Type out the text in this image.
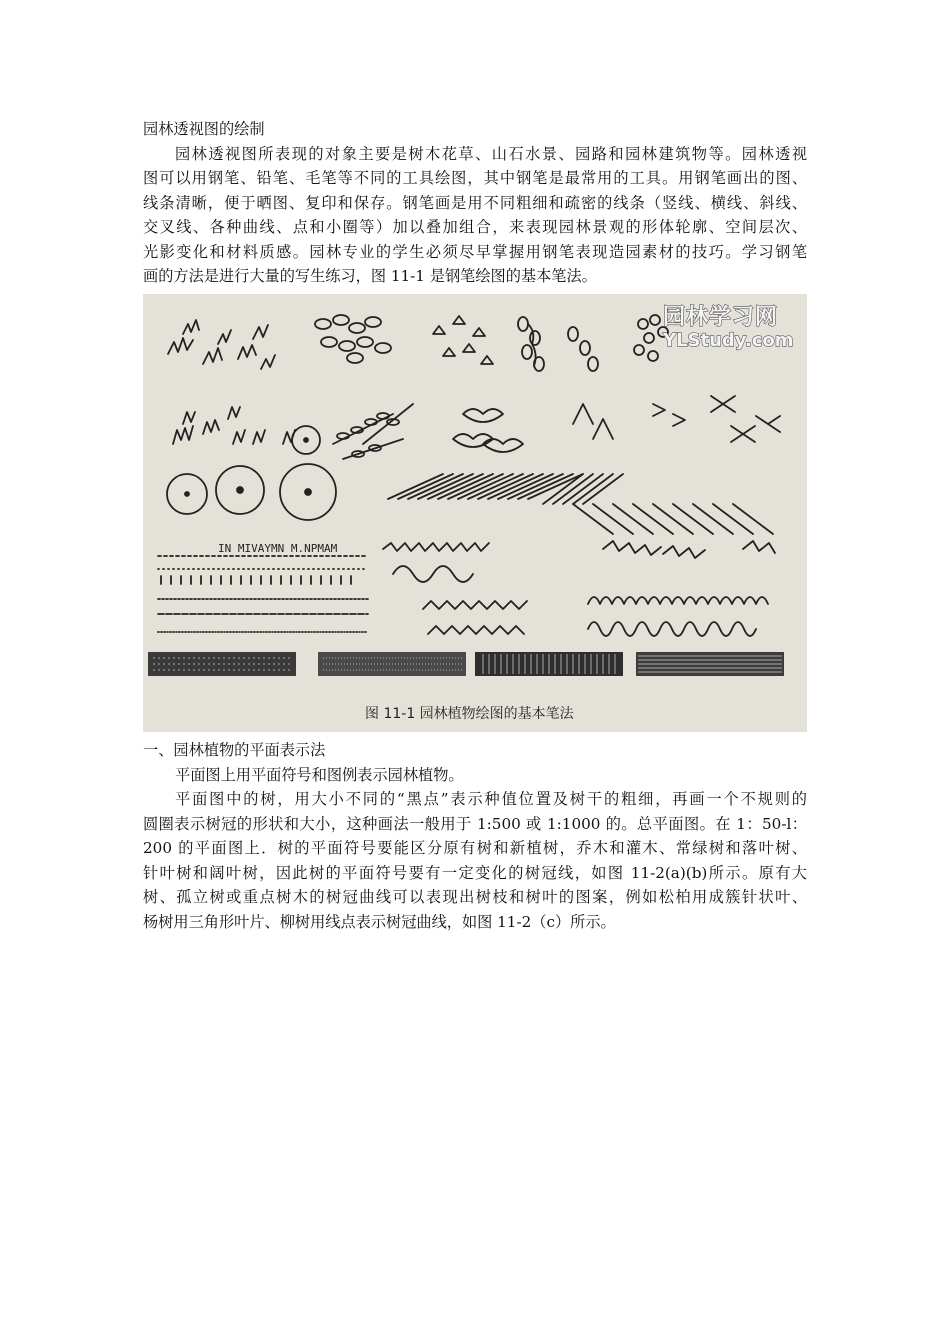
园林透视图的绘制
园林透视图所表现的对象主要是树木花草、山石水景、园路和园林建筑物等。园林透视
图可以用钢笔、铅笔、毛笔等不同的工具绘图，其中钢笔是最常用的工具。用钢笔画出的图、
线条清晰，便于晒图、复印和保存。钢笔画是用不同粗细和疏密的线条（竖线、横线、斜线、
交叉线、各种曲线、点和小圈等）加以叠加组合，来表现园林景观的形体轮廓、空间层次、
光影变化和材料质感。园林专业的学生必须尽早掌握用钢笔表现造园素材的技巧。学习钢笔
画的方法是进行大量的写生练习，图 11-1 是钢笔绘图的基本笔法。
园林学习网
YLStudy.com
IN MIVAYMN M.NPMAM
图 11-1 园林植物绘图的基本笔法
一、园林植物的平面表示法
平面图上用平面符号和图例表示园林植物。
平面图中的树，用大小不同的“黑点”表示种值位置及树干的粗细，再画一个不规则的
圆圈表示树冠的形状和大小，这种画法一般用于 1:500 或 1:1000 的。总平面图。在 1：50-l：
200 的平面图上．树的平面符号要能区分原有树和新植树，乔木和灌木、常绿树和落叶树、
针叶树和阔叶树，因此树的平面符号要有一定变化的树冠线，如图 11-2(a)(b)所示。原有大
树、孤立树或重点树木的树冠曲线可以表现出树枝和树叶的图案，例如松柏用成簇针状叶、
杨树用三角形叶片、柳树用线点表示树冠曲线，如图 11-2（c）所示。
